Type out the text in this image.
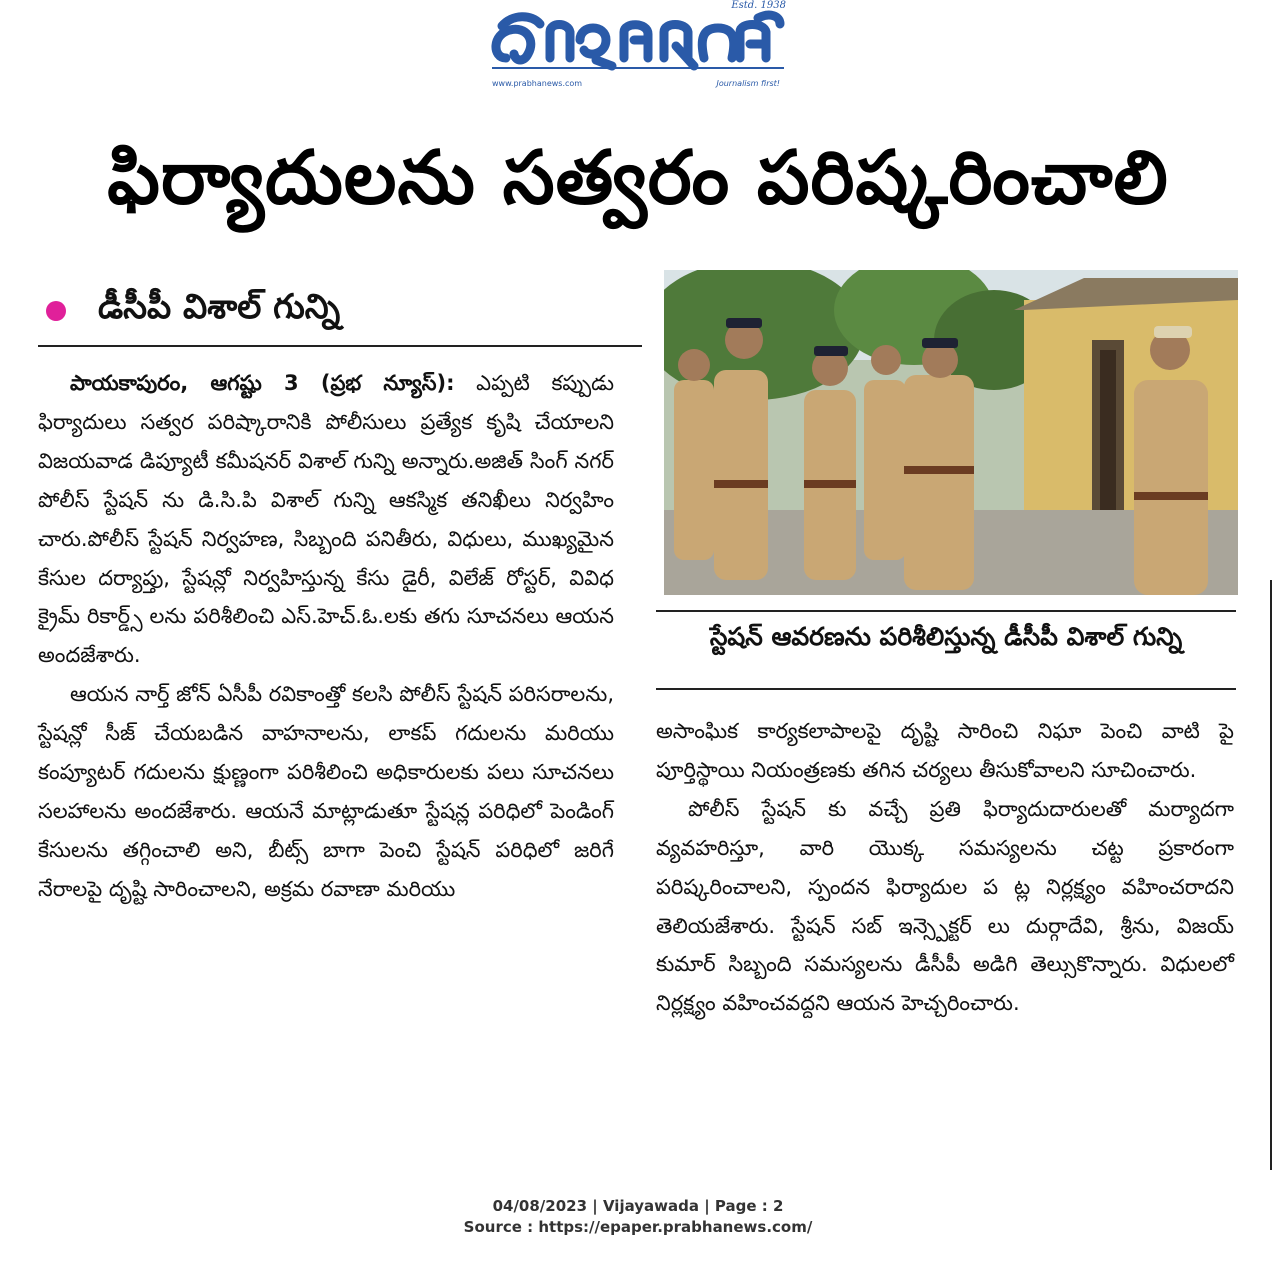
Estd. 1938
www.prabhanews.com	Journalism first!
ఫిర్యాదులను సత్వరం పరిష్కరించాలి
డీసీపీ విశాల్ గున్ని

పాయకాపురం, ఆగష్టు 3 (ప్రభ న్యూస్): ఎప్పటి కప్పుడు ఫిర్యాదులు సత్వర పరిష్కారానికి పోలీసులు ప్రత్యేక కృషి చేయాలని విజయవాడ డిప్యూటీ కమీషనర్ విశాల్ గున్ని అన్నారు.అజిత్ సింగ్ నగర్ పోలీస్ స్టేషన్ ను డి.సి.పి విశాల్ గున్ని ఆకస్మిక తనిఖీలు నిర్వహిం చారు.పోలీస్ స్టేషన్ నిర్వహణ, సిబ్బంది పనితీరు, విధులు, ముఖ్యమైన కేసుల దర్యాప్తు, స్టేషన్లో నిర్వహిస్తున్న కేసు డైరీ, విలేజ్ రోస్టర్, వివిధ క్రైమ్ రికార్డ్స్ లను పరిశీలించి ఎస్.హెచ్.ఓ.లకు తగు సూచనలు ఆయన అందజేశారు.

ఆయన నార్త్ జోన్ ఏసీపీ రవికాంత్తో కలసి పోలీస్ స్టేషన్ పరిసరాలను, స్టేషన్లో సీజ్ చేయబడిన వాహనాలను, లాకప్ గదులను మరియు కంప్యూటర్ గదులను క్షుణ్ణంగా పరిశీలించి అధికారులకు పలు సూచనలు సలహాలను అందజేశారు. ఆయనే మాట్లాడుతూ స్టేషన్ల పరిధిలో పెండింగ్ కేసులను తగ్గించాలి అని, బీట్స్ బాగా పెంచి స్టేషన్ పరిధిలో జరిగే నేరాలపై దృష్టి సారించాలని, అక్రమ రవాణా మరియు

స్టేషన్ ఆవరణను పరిశీలిస్తున్న డీసీపీ విశాల్ గున్ని

అసాంఘిక కార్యకలాపాలపై దృష్టి సారించి నిఘా పెంచి వాటి పై పూర్తిస్థాయి నియంత్రణకు తగిన చర్యలు తీసుకోవాలని సూచించారు.

పోలీస్ స్టేషన్ కు వచ్చే ప్రతి ఫిర్యాదుదారులతో మర్యాదగా వ్యవహరిస్తూ, వారి యొక్క సమస్యలను చట్ట ప్రకారంగా పరిష్కరించాలని, స్పందన ఫిర్యాదుల ప ట్ల నిర్లక్ష్యం వహించరాదని తెలియజేశారు. స్టేషన్ సబ్ ఇన్స్పెక్టర్ లు దుర్గాదేవి, శ్రీను, విజయ్ కుమార్ సిబ్బంది సమస్యలను డీసీపీ అడిగి తెల్సుకొన్నారు. విధులలో నిర్లక్ష్యం వహించవద్దని ఆయన హెచ్చరించారు.

04/08/2023 | Vijayawada | Page : 2
Source : https://epaper.prabhanews.com/
